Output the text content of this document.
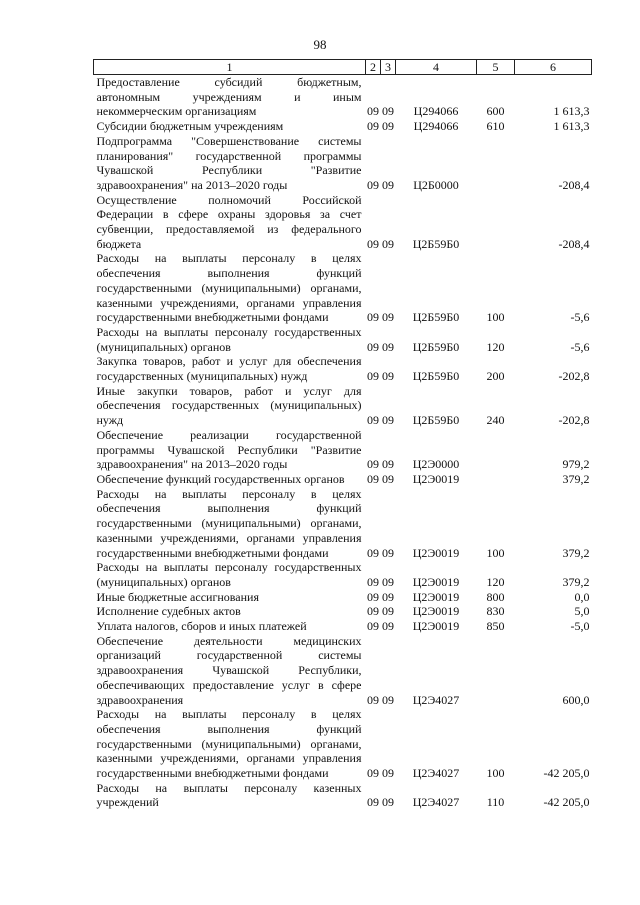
98
1	2	3	4	5	6
Предоставление субсидий бюджетным, автономным учреждениям и иным некоммерческим организациям	09	09	Ц294066	600	1 613,3
Субсидии бюджетным учреждениям	09	09	Ц294066	610	1 613,3
Подпрограмма "Совершенствование системы планирования" государственной программы Чувашской Республики "Развитие здравоохранения" на 2013–2020 годы	09	09	Ц2Б0000		-208,4
Осуществление полномочий Российской Федерации в сфере охраны здоровья за счет субвенции, предоставляемой из федерального бюджета	09	09	Ц2Б59Б0		-208,4
Расходы на выплаты персоналу в целях обеспечения выполнения функций государственными (муниципальными) органами, казенными учреждениями, органами управления государственными внебюджетными фондами	09	09	Ц2Б59Б0	100	-5,6
Расходы на выплаты персоналу государственных (муниципальных) органов	09	09	Ц2Б59Б0	120	-5,6
Закупка товаров, работ и услуг для обеспечения государственных (муниципальных) нужд	09	09	Ц2Б59Б0	200	-202,8
Иные закупки товаров, работ и услуг для обеспечения государственных (муниципальных) нужд	09	09	Ц2Б59Б0	240	-202,8
Обеспечение реализации государственной программы Чувашской Республики "Развитие здравоохранения" на 2013–2020 годы	09	09	Ц2Э0000		979,2
Обеспечение функций государственных органов	09	09	Ц2Э0019		379,2
Расходы на выплаты персоналу в целях обеспечения выполнения функций государственными (муниципальными) органами, казенными учреждениями, органами управления государственными внебюджетными фондами	09	09	Ц2Э0019	100	379,2
Расходы на выплаты персоналу государственных (муниципальных) органов	09	09	Ц2Э0019	120	379,2
Иные бюджетные ассигнования	09	09	Ц2Э0019	800	0,0
Исполнение судебных актов	09	09	Ц2Э0019	830	5,0
Уплата налогов, сборов и иных платежей	09	09	Ц2Э0019	850	-5,0
Обеспечение деятельности медицинских организаций государственной системы здравоохранения Чувашской Республики, обеспечивающих предоставление услуг в сфере здравоохранения	09	09	Ц2Э4027		600,0
Расходы на выплаты персоналу в целях обеспечения выполнения функций государственными (муниципальными) органами, казенными учреждениями, органами управления государственными внебюджетными фондами	09	09	Ц2Э4027	100	-42 205,0
Расходы на выплаты персоналу казенных учреждений	09	09	Ц2Э4027	110	-42 205,0
